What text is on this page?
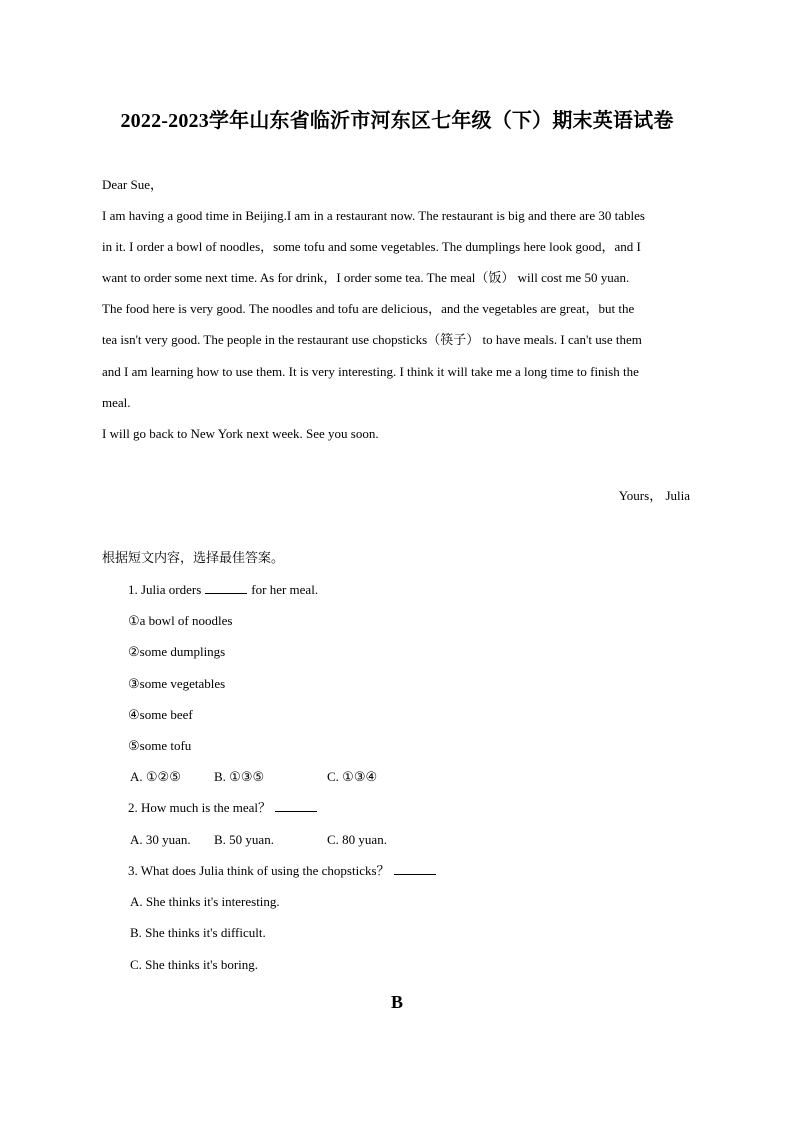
2022-2023学年山东省临沂市河东区七年级（下）期末英语试卷
Dear Sue，
I am having a good time in Beijing.I am in a restaurant now. The restaurant is big and there are 30 tables
in it. I order a bowl of noodles，some tofu and some vegetables. The dumplings here look good，and I
want to order some next time. As for drink，I order some tea. The meal（饭） will cost me 50 yuan.
The food here is very good. The noodles and tofu are delicious，and the vegetables are great，but the
tea isn't very good. The people in the restaurant use chopsticks（筷子） to have meals. I can't use them
and I am learning how to use them. It is very interesting. I think it will take me a long time to finish the
meal.
I will go back to New York next week. See you soon.
Yours， Julia
根据短文内容，选择最佳答案。
1. Julia orders	for her meal.
①a bowl of noodles
②some dumplings
③some vegetables
④some beef
⑤some tofu
A. ①②⑤	B. ①③⑤	C. ①③④
2. How much is the meal？
A. 30 yuan. B. 50 yuan.	C. 80 yuan.
3. What does Julia think of using the chopsticks？
A. She thinks it's interesting.
B. She thinks it's difficult.
C. She thinks it's boring.
B
